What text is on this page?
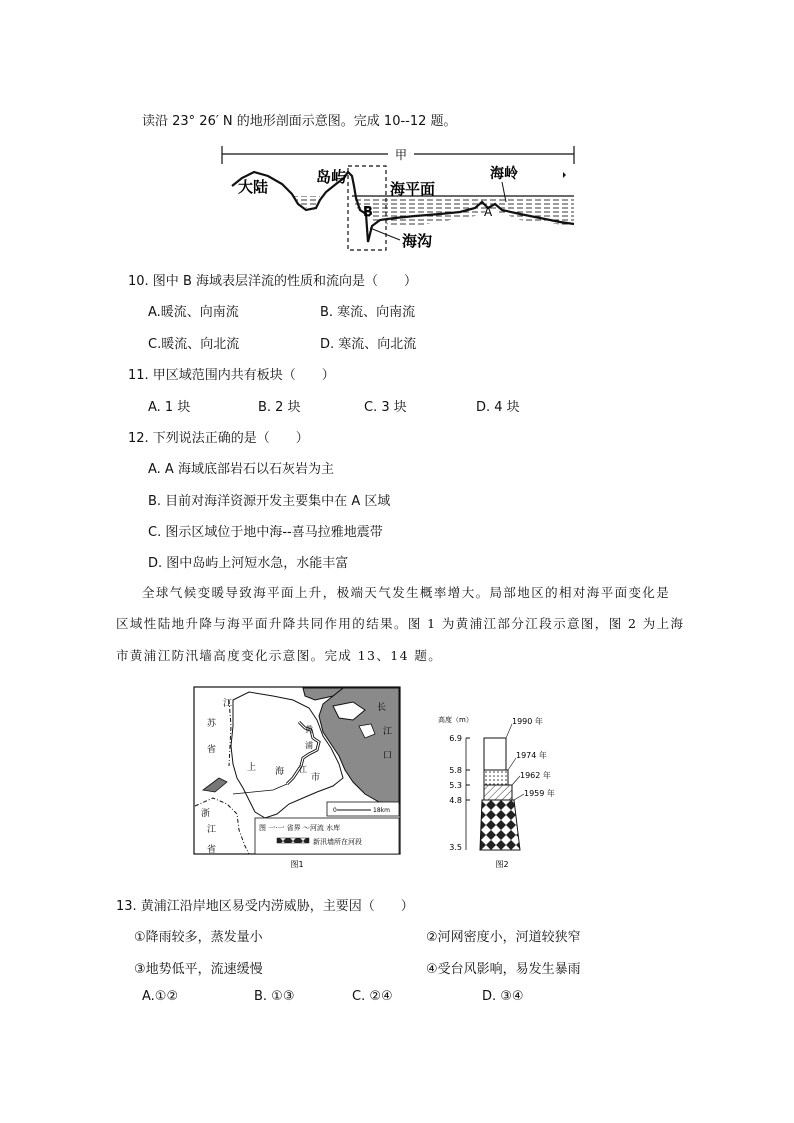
读沿 23° 26′ N 的地形剖面示意图。完成 10--12 题。
甲
大陆
岛屿
海平面
海岭
海沟
B	A
10. 图中 B 海域表层洋流的性质和流向是（　　）
A.暖流、向南流	B. 寒流、向南流
C.暖流、向北流	D. 寒流、向北流
11. 甲区域范围内共有板块（　　）
A. 1 块	B. 2 块	C. 3 块	D. 4 块
12. 下列说法正确的是（　　）
A. A 海域底部岩石以石灰岩为主
B. 目前对海洋资源开发主要集中在 A 区域
C. 图示区域位于地中海--喜马拉雅地震带
D. 图中岛屿上河短水急，水能丰富
全球气候变暖导致海平面上升，极端天气发生概率增大。局部地区的相对海平面变化是
区域性陆地升降与海平面升降共同作用的结果。图 1 为黄浦江部分江段示意图，图 2 为上海
市黄浦江防汛墙高度变化示意图。完成 13、14 题。
江
苏
省
上 海
市
浙
江
省
长
江
口
黄
浦
江
0	18km
图 一·一 省界 ～河流 水库
新汛墙所在河段
图1
高度（m）
6.9
5.8
5.3
4.8
3.5
1990 年
1974 年
1962 年
1959 年
图2
13. 黄浦江沿岸地区易受内涝威胁，主要因（　　）
①降雨较多，蒸发量小	②河网密度小，河道较狭窄
③地势低平，流速缓慢	④受台风影响，易发生暴雨
A.①②	B. ①③	C. ②④	D. ③④
